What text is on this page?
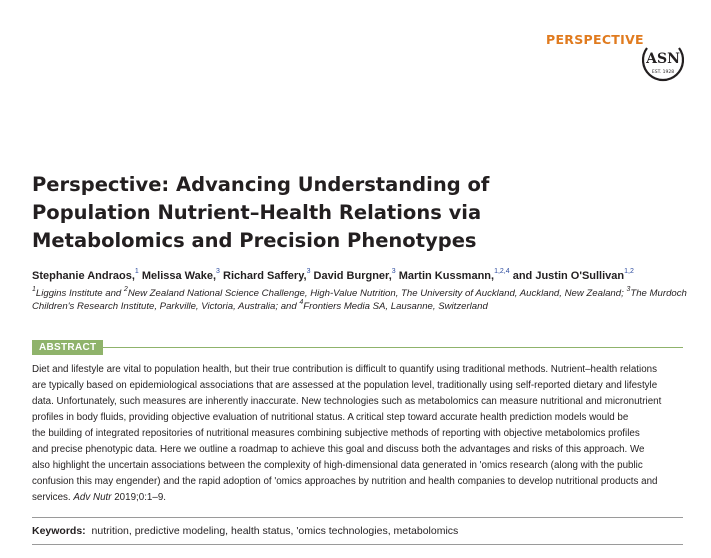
PERSPECTIVE
ASN
EST. 1928
Perspective: Advancing Understanding of
Population Nutrient–Health Relations via
Metabolomics and Precision Phenotypes
Stephanie Andraos,$^1$ Melissa Wake,$^3$ Richard Saffery,$^3$ David Burgner,$^3$ Martin Kussmann,$^{1,2,4}$ and Justin O'Sullivan$^{1,2}$
$^1$Liggins Institute and $^2$New Zealand National Science Challenge, High-Value Nutrition, The University of Auckland, Auckland, New Zealand; $^3$The Murdoch
Children's Research Institute, Parkville, Victoria, Australia; and $^4$Frontiers Media SA, Lausanne, Switzerland
ABSTRACT
Diet and lifestyle are vital to population health, but their true contribution is difficult to quantify using traditional methods. Nutrient–health relations
are typically based on epidemiological associations that are assessed at the population level, traditionally using self-reported dietary and lifestyle
data. Unfortunately, such measures are inherently inaccurate. New technologies such as metabolomics can measure nutritional and micronutrient
profiles in body fluids, providing objective evaluation of nutritional status. A critical step toward accurate health prediction models would be
the building of integrated repositories of nutritional measures combining subjective methods of reporting with objective metabolomics profiles
and precise phenotypic data. Here we outline a roadmap to achieve this goal and discuss both the advantages and risks of this approach. We
also highlight the uncertain associations between the complexity of high-dimensional data generated in 'omics research (along with the public
confusion this may engender) and the rapid adoption of 'omics approaches by nutrition and health companies to develop nutritional products and
services. Adv Nutr 2019;0:1–9.
Keywords: nutrition, predictive modeling, health status, 'omics technologies, metabolomics
